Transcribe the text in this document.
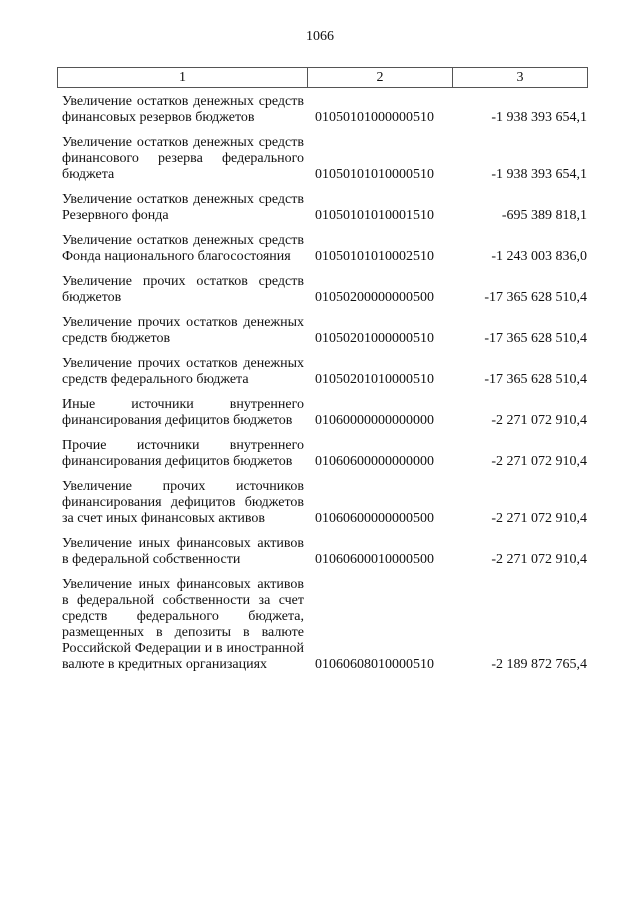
1066
1	2	3
Увеличение остатков денежных средств финансовых резервов бюджетов	01050101000000510	-1 938 393 654,1
Увеличение остатков денежных средств финансового резерва федерального бюджета	01050101010000510	-1 938 393 654,1
Увеличение остатков денежных средств Резервного фонда	01050101010001510	-695 389 818,1
Увеличение остатков денежных средств Фонда национального благосостояния	01050101010002510	-1 243 003 836,0
Увеличение прочих остатков средств бюджетов	01050200000000500	-17 365 628 510,4
Увеличение прочих остатков денежных средств бюджетов	01050201000000510	-17 365 628 510,4
Увеличение прочих остатков денежных средств федерального бюджета	01050201010000510	-17 365 628 510,4
Иные источники внутреннего финансирования дефицитов бюджетов	01060000000000000	-2 271 072 910,4
Прочие источники внутреннего финансирования дефицитов бюджетов	01060600000000000	-2 271 072 910,4
Увеличение прочих источников финансирования дефицитов бюджетов за счет иных финансовых активов	01060600000000500	-2 271 072 910,4
Увеличение иных финансовых активов в федеральной собственности	01060600010000500	-2 271 072 910,4
Увеличение иных финансовых активов в федеральной собственности за счет средств федерального бюджета, размещенных в депозиты в валюте Российской Федерации и в иностранной валюте в кредитных организациях	01060608010000510	-2 189 872 765,4
